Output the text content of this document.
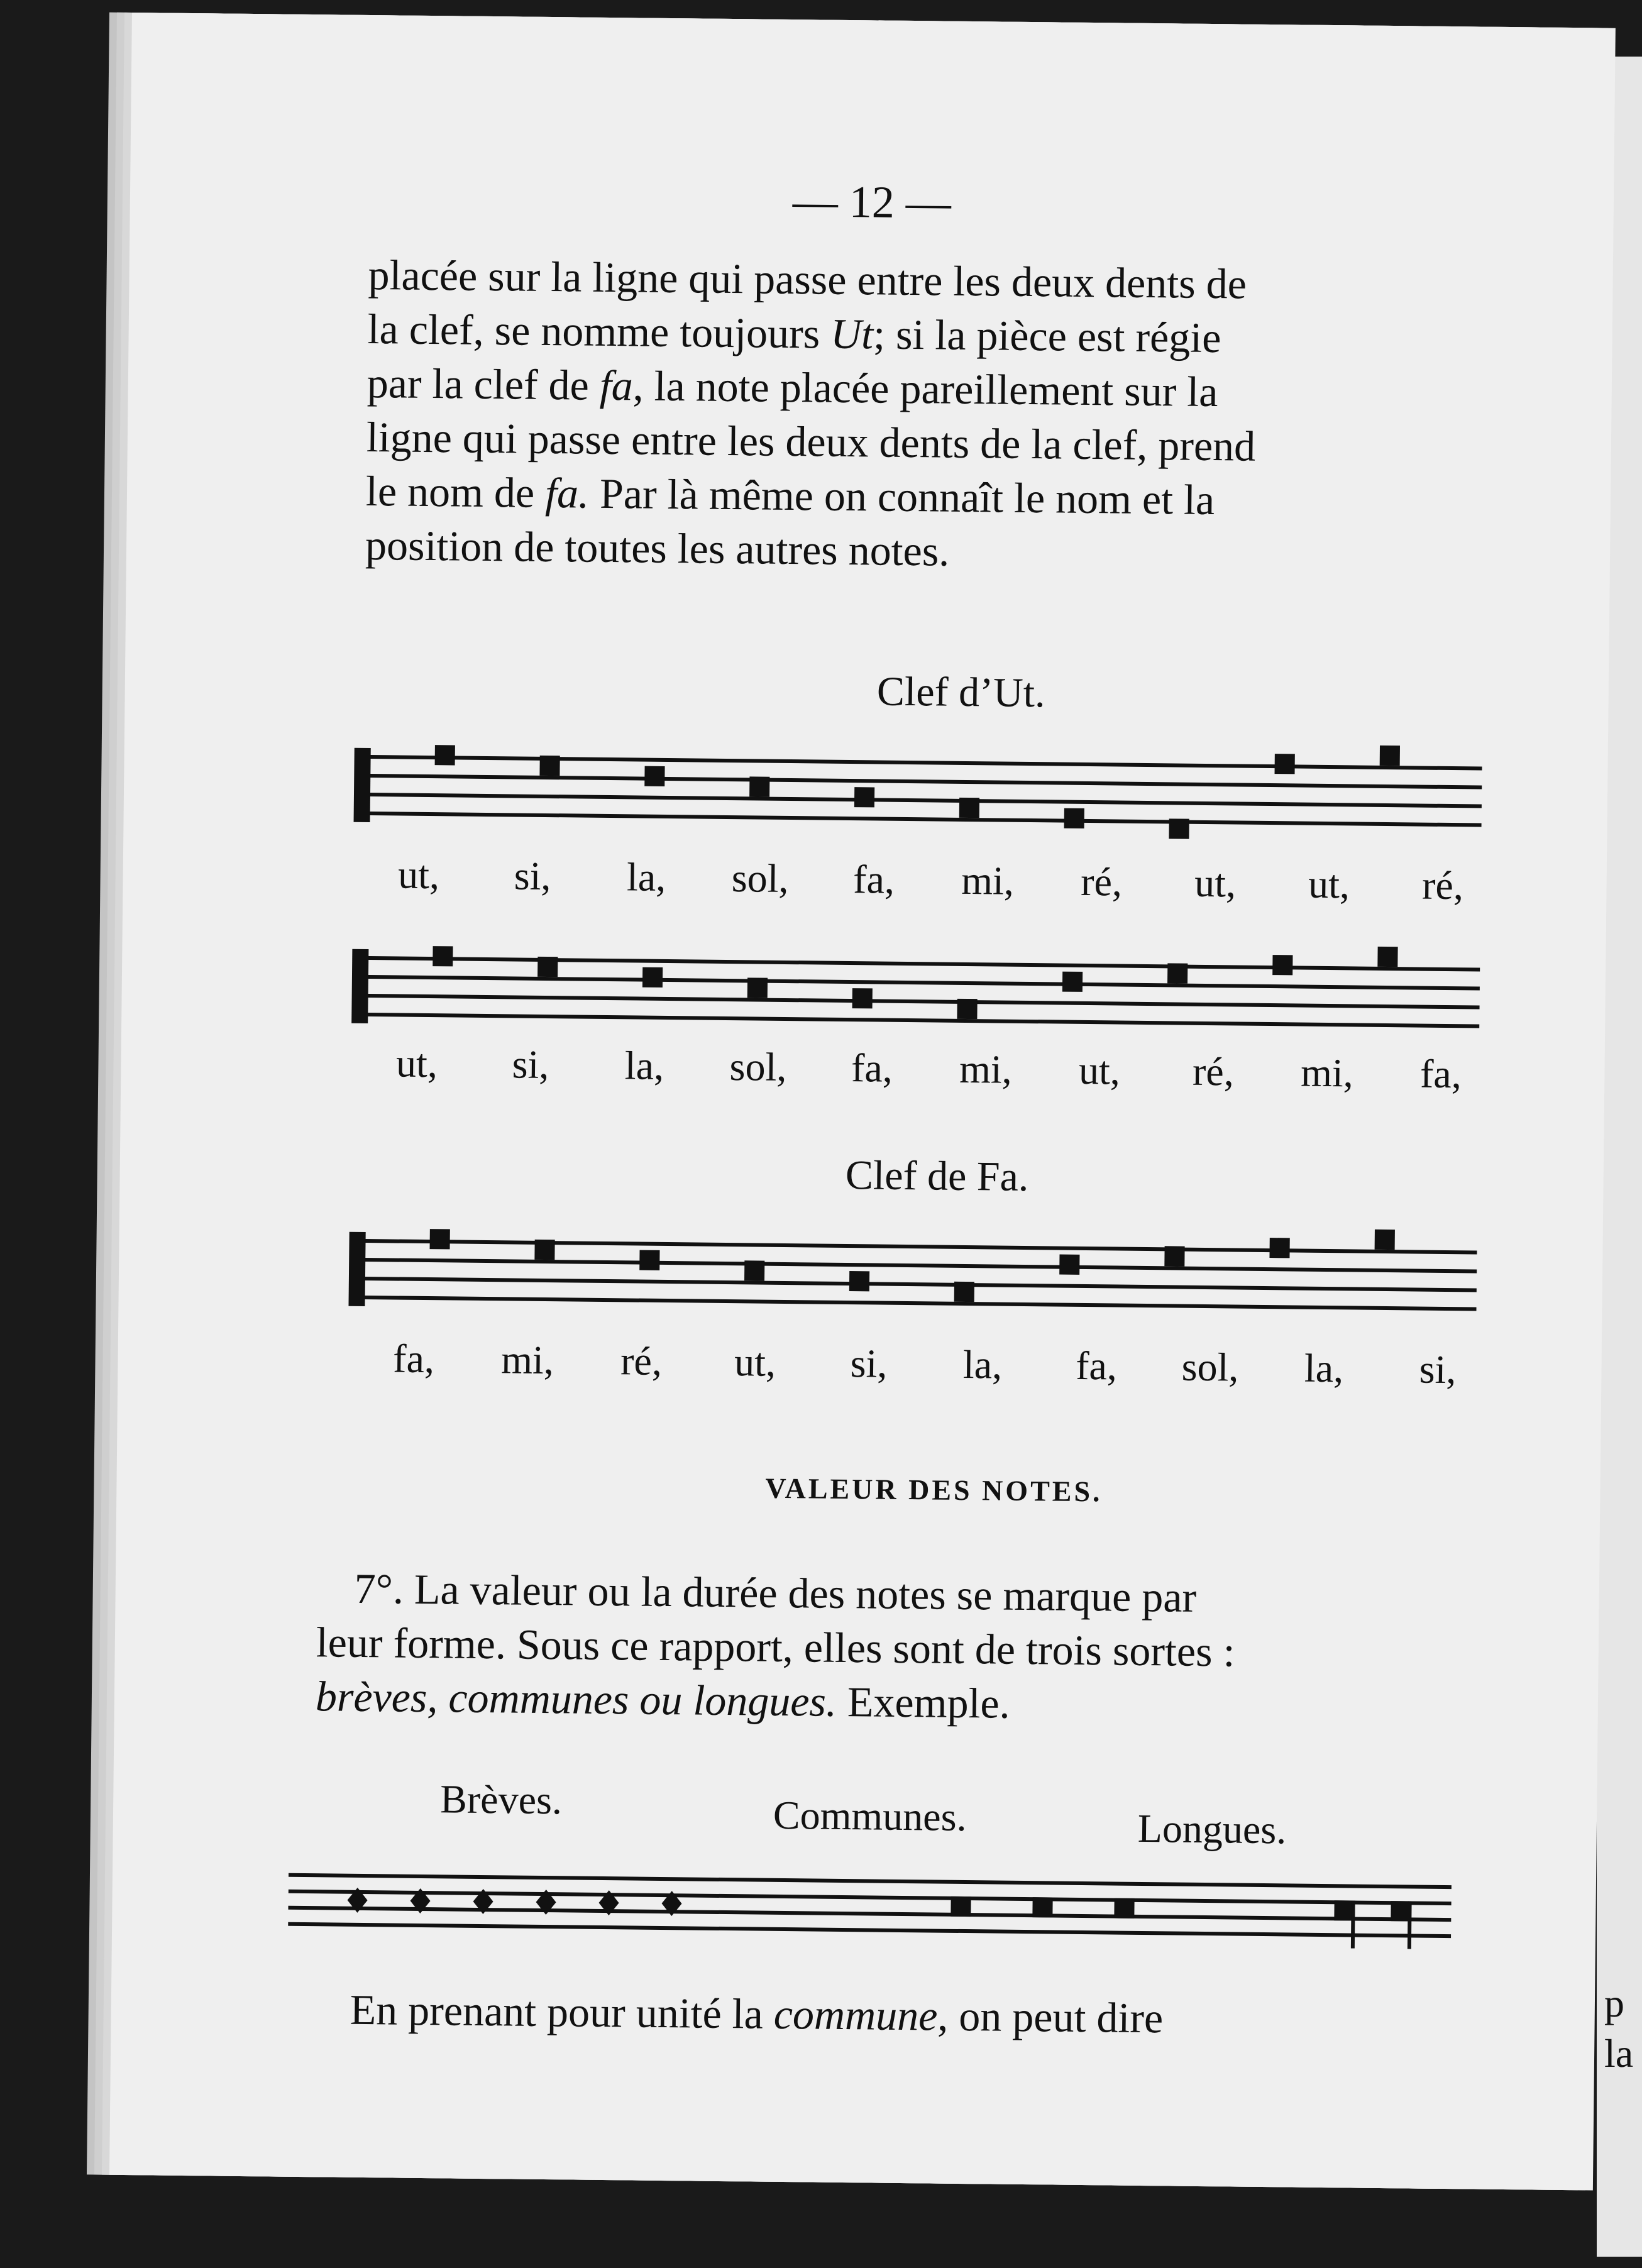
p
la
— 12 —
placée sur la ligne qui passe entre les deux dents de
la clef, se nomme toujours Ut; si la pièce est régie
par la clef de fa, la note placée pareillement sur la
ligne qui passe entre les deux dents de la clef, prend
le nom de fa. Par là même on connaît le nom et la
position de toutes les autres notes.
Clef d’Ut.
ut,	si,	la,	sol,	fa,	mi,	ré,	ut,	ut,	ré,
ut,	si,	la,	sol,	fa,	mi,	ut,	ré,	mi,	fa,
Clef de Fa.
fa,	mi,	ré,	ut,	si,	la,	fa,	sol,	la,	si,
VALEUR DES NOTES.
7°. La valeur ou la durée des notes se marque par
leur forme. Sous ce rapport, elles sont de trois sortes :
brèves, communes ou longues. Exemple.
Brèves.	Communes.	Longues.
En prenant pour unité la commune, on peut dire
